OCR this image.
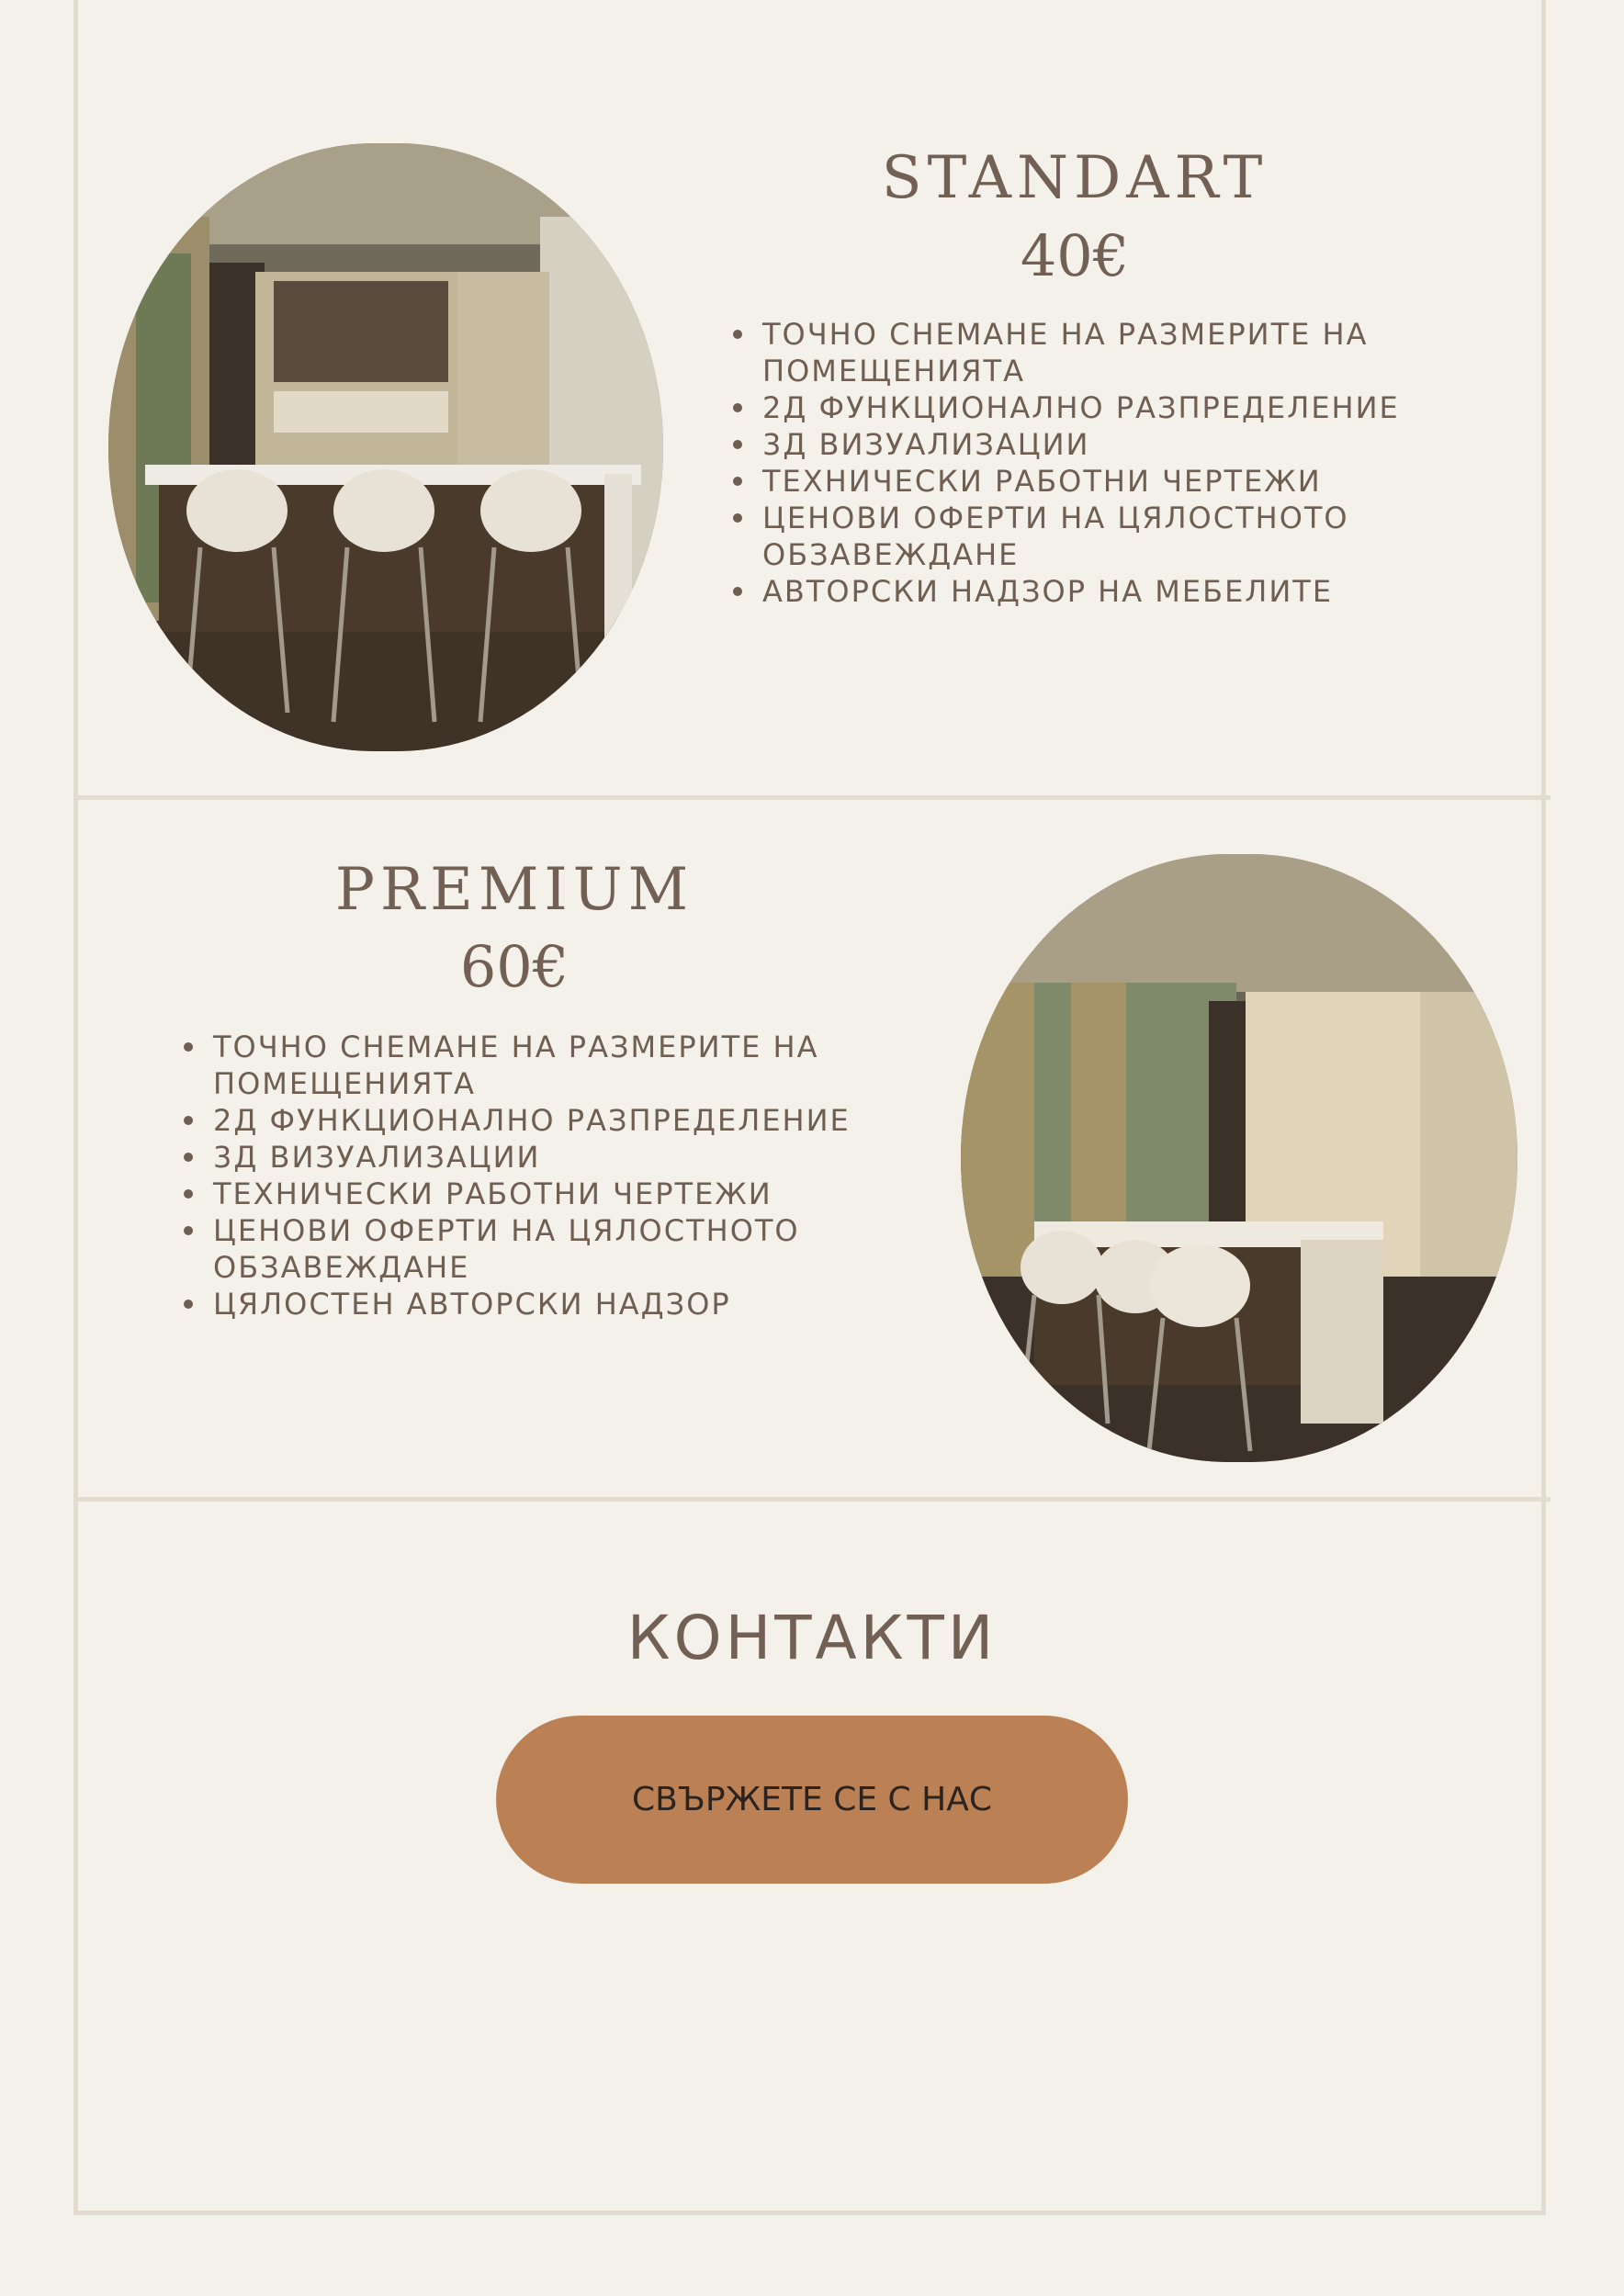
STANDART
40€
ТОЧНО СНЕМАНЕ НА РАЗМЕРИТЕ НА ПОМЕЩЕНИЯТА
2Д ФУНКЦИОНАЛНО РАЗПРЕДЕЛЕНИЕ
3Д ВИЗУАЛИЗАЦИИ
ТЕХНИЧЕСКИ РАБОТНИ ЧЕРТЕЖИ
ЦЕНОВИ ОФЕРТИ НА ЦЯЛОСТНОТО ОБЗАВЕЖДАНЕ
АВТОРСКИ НАДЗОР НА МЕБЕЛИТЕ
PREMIUM
60€
ТОЧНО СНЕМАНЕ НА РАЗМЕРИТЕ НА ПОМЕЩЕНИЯТА
2Д ФУНКЦИОНАЛНО РАЗПРЕДЕЛЕНИЕ
3Д ВИЗУАЛИЗАЦИИ
ТЕХНИЧЕСКИ РАБОТНИ ЧЕРТЕЖИ
ЦЕНОВИ ОФЕРТИ НА ЦЯЛОСТНОТО ОБЗАВЕЖДАНЕ
ЦЯЛОСТЕН АВТОРСКИ НАДЗОР
КОНТАКТИ
СВЪРЖЕТЕ СЕ С НАС
